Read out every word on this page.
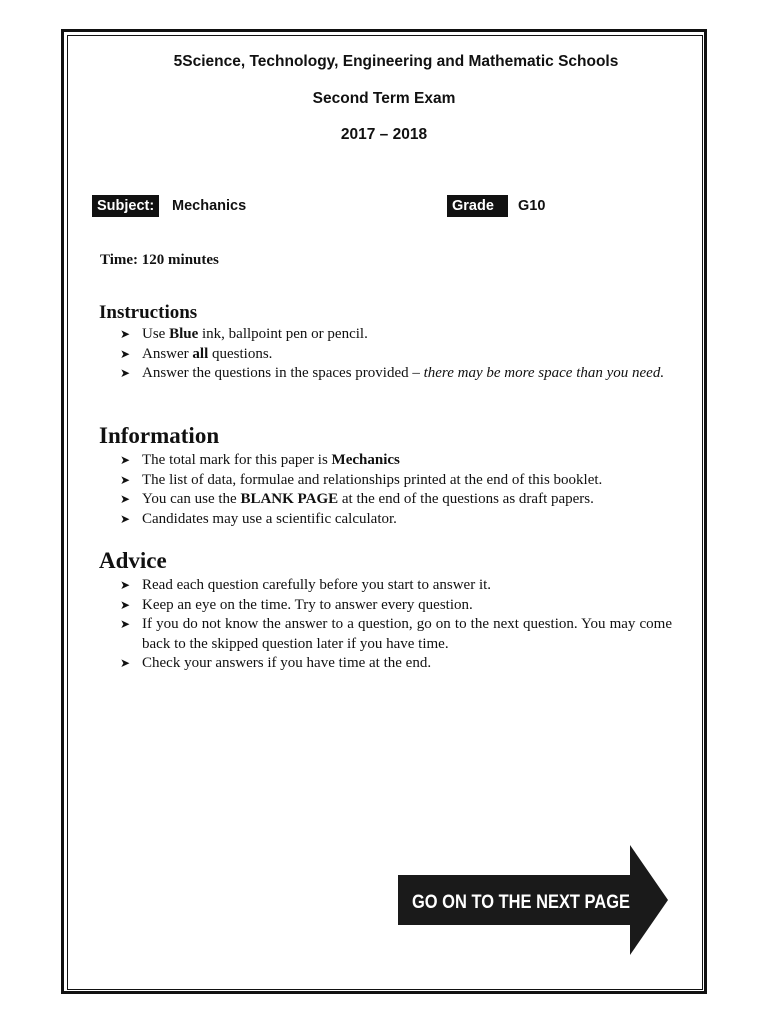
5Science, Technology, Engineering and Mathematic Schools
Second Term Exam
2017 – 2018
Subject:	Mechanics	Grade	G10
Time: 120 minutes
Instructions
➤ Use Blue ink, ballpoint pen or pencil.
➤ Answer all questions.
➤ Answer the questions in the spaces provided – there may be more space than you need.
Information
➤ The total mark for this paper is Mechanics
➤ The list of data, formulae and relationships printed at the end of this booklet.
➤ You can use the BLANK PAGE at the end of the questions as draft papers.
➤ Candidates may use a scientific calculator.
Advice
➤ Read each question carefully before you start to answer it.
➤ Keep an eye on the time. Try to answer every question.
➤ If you do not know the answer to a question, go on to the next question. You may come back to the skipped question later if you have time.
➤ Check your answers if you have time at the end.
GO ON TO THE NEXT PAGE
